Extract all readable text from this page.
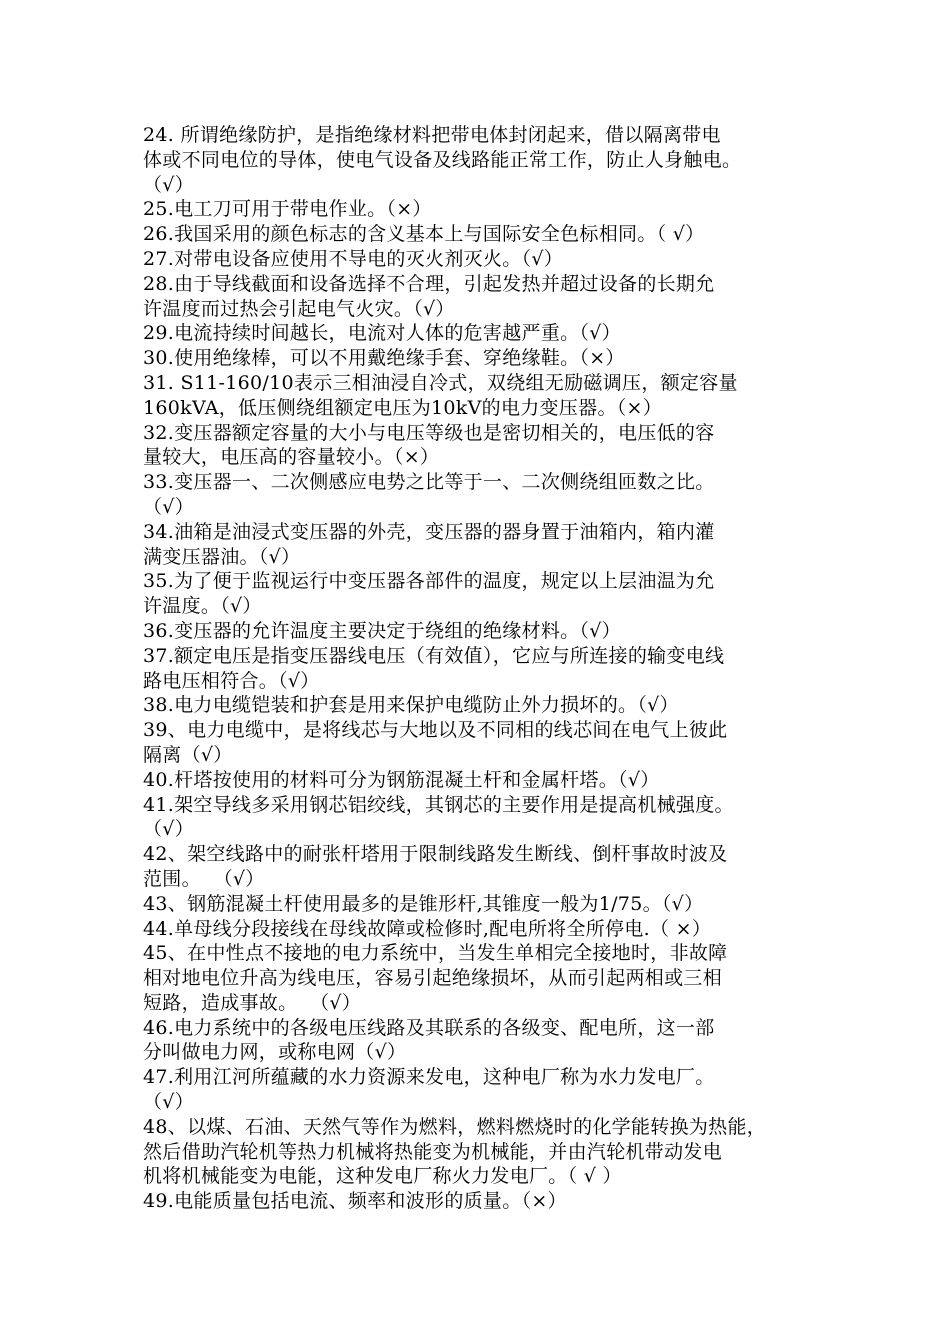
24. 所谓绝缘防护，是指绝缘材料把带电体封闭起来，借以隔离带电
体或不同电位的导体，使电气设备及线路能正常工作，防止人身触电。
（√）
25.电工刀可用于带电作业。（×）
26.我国采用的颜色标志的含义基本上与国际安全色标相同。（ √）
27.对带电设备应使用不导电的灭火剂灭火。（√）
28.由于导线截面和设备选择不合理，引起发热并超过设备的长期允
许温度而过热会引起电气火灾。（√）
29.电流持续时间越长，电流对人体的危害越严重。（√）
30.使用绝缘棒，可以不用戴绝缘手套、穿绝缘鞋。（×）
31. S11-160/10表示三相油浸自冷式，双绕组无励磁调压，额定容量
160kVA，低压侧绕组额定电压为10kV的电力变压器。（×）
32.变压器额定容量的大小与电压等级也是密切相关的，电压低的容
量较大，电压高的容量较小。（×）
33.变压器一、二次侧感应电势之比等于一、二次侧绕组匝数之比。
（√）
34.油箱是油浸式变压器的外壳，变压器的器身置于油箱内，箱内灌
满变压器油。（√）
35.为了便于监视运行中变压器各部件的温度，规定以上层油温为允
许温度。（√）
36.变压器的允许温度主要决定于绕组的绝缘材料。（√）
37.额定电压是指变压器线电压（有效值），它应与所连接的输变电线
路电压相符合。（√）
38.电力电缆铠装和护套是用来保护电缆防止外力损坏的。（√）
39、电力电缆中，是将线芯与大地以及不同相的线芯间在电气上彼此
隔离（√）
40.杆塔按使用的材料可分为钢筋混凝土杆和金属杆塔。（√）
41.架空导线多采用钢芯铝绞线，其钢芯的主要作用是提高机械强度。
（√）
42、架空线路中的耐张杆塔用于限制线路发生断线、倒杆事故时波及
范围。  （√）
43、钢筋混凝土杆使用最多的是锥形杆,其锥度一般为1/75。（√）
44.单母线分段接线在母线故障或检修时,配电所将全所停电.（ ×）
45、在中性点不接地的电力系统中，当发生单相完全接地时，非故障
相对地电位升高为线电压，容易引起绝缘损坏，从而引起两相或三相
短路，造成事故。  （√）
46.电力系统中的各级电压线路及其联系的各级变、配电所，这一部
分叫做电力网，或称电网（√）
47.利用江河所蕴藏的水力资源来发电，这种电厂称为水力发电厂。
（√）
48、以煤、石油、天然气等作为燃料，燃料燃烧时的化学能转换为热能，
然后借助汽轮机等热力机械将热能变为机械能，并由汽轮机带动发电
机将机械能变为电能，这种发电厂称火力发电厂。（ √ ）
49.电能质量包括电流、频率和波形的质量。（×）
